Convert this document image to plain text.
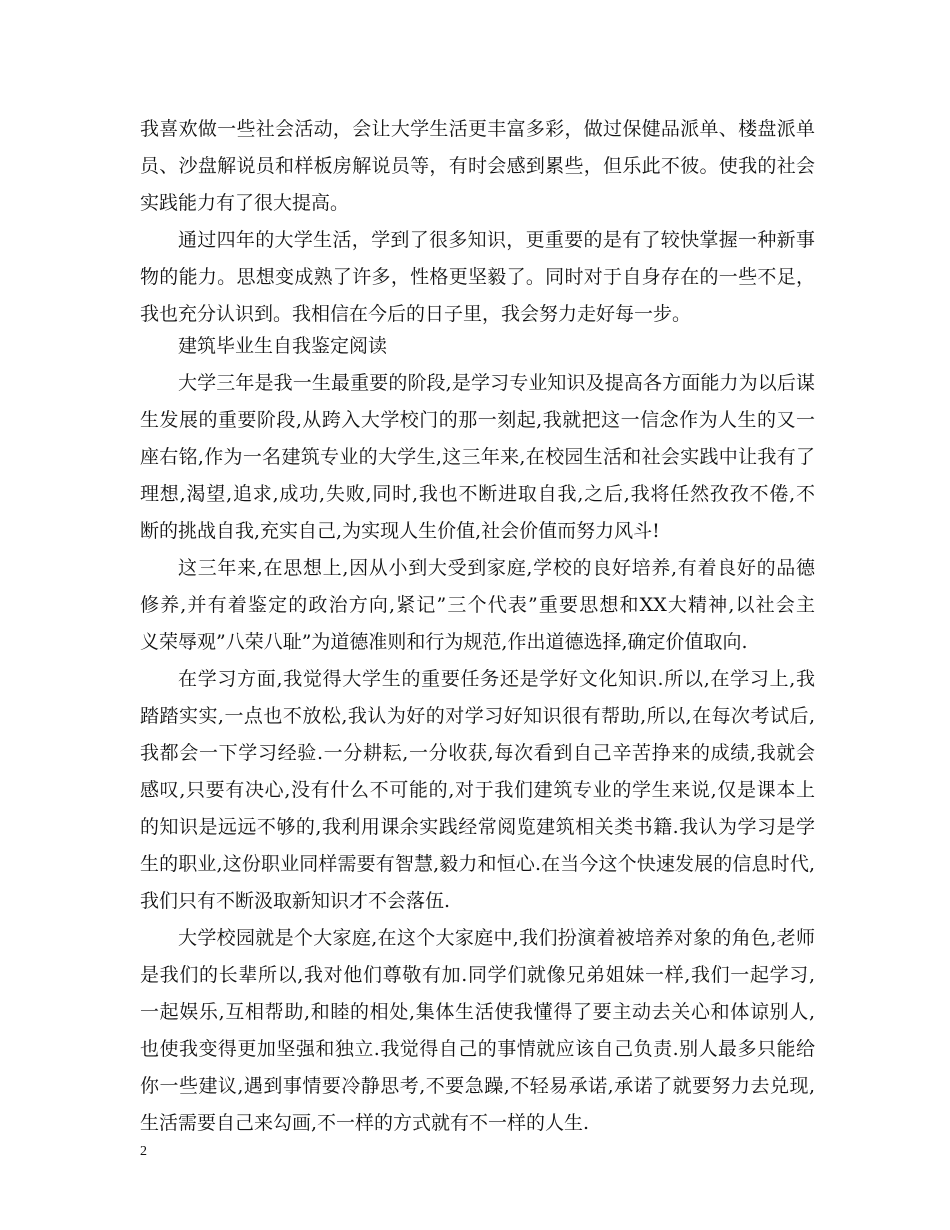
我喜欢做一些社会活动，会让大学生活更丰富多彩，做过保健品派单、楼盘派单
员、沙盘解说员和样板房解说员等，有时会感到累些，但乐此不彼。使我的社会
实践能力有了很大提高。
通过四年的大学生活，学到了很多知识，更重要的是有了较快掌握一种新事
物的能力。思想变成熟了许多，性格更坚毅了。同时对于自身存在的一些不足，
我也充分认识到。我相信在今后的日子里，我会努力走好每一步。
建筑毕业生自我鉴定阅读
大学三年是我一生最重要的阶段,是学习专业知识及提高各方面能力为以后谋
生发展的重要阶段,从跨入大学校门的那一刻起,我就把这一信念作为人生的又一
座右铭,作为一名建筑专业的大学生,这三年来,在校园生活和社会实践中让我有了
理想,渴望,追求,成功,失败,同时,我也不断进取自我,之后,我将任然孜孜不倦,不
断的挑战自我,充实自己,为实现人生价值,社会价值而努力风斗!
这三年来,在思想上,因从小到大受到家庭,学校的良好培养,有着良好的品德
修养,并有着鉴定的政治方向,紧记”三个代表”重要思想和XX大精神,以社会主
义荣辱观”八荣八耻”为道德准则和行为规范,作出道德选择,确定价值取向.
在学习方面,我觉得大学生的重要任务还是学好文化知识.所以,在学习上,我
踏踏实实,一点也不放松,我认为好的对学习好知识很有帮助,所以,在每次考试后,
我都会一下学习经验.一分耕耘,一分收获,每次看到自己辛苦挣来的成绩,我就会
感叹,只要有决心,没有什么不可能的,对于我们建筑专业的学生来说,仅是课本上
的知识是远远不够的,我利用课余实践经常阅览建筑相关类书籍.我认为学习是学
生的职业,这份职业同样需要有智慧,毅力和恒心.在当今这个快速发展的信息时代,
我们只有不断汲取新知识才不会落伍.
大学校园就是个大家庭,在这个大家庭中,我们扮演着被培养对象的角色,老师
是我们的长辈所以,我对他们尊敬有加.同学们就像兄弟姐妹一样,我们一起学习,
一起娱乐,互相帮助,和睦的相处,集体生活使我懂得了要主动去关心和体谅别人,
也使我变得更加坚强和独立.我觉得自己的事情就应该自己负责.别人最多只能给
你一些建议,遇到事情要冷静思考,不要急躁,不轻易承诺,承诺了就要努力去兑现,
生活需要自己来勾画,不一样的方式就有不一样的人生.
2
